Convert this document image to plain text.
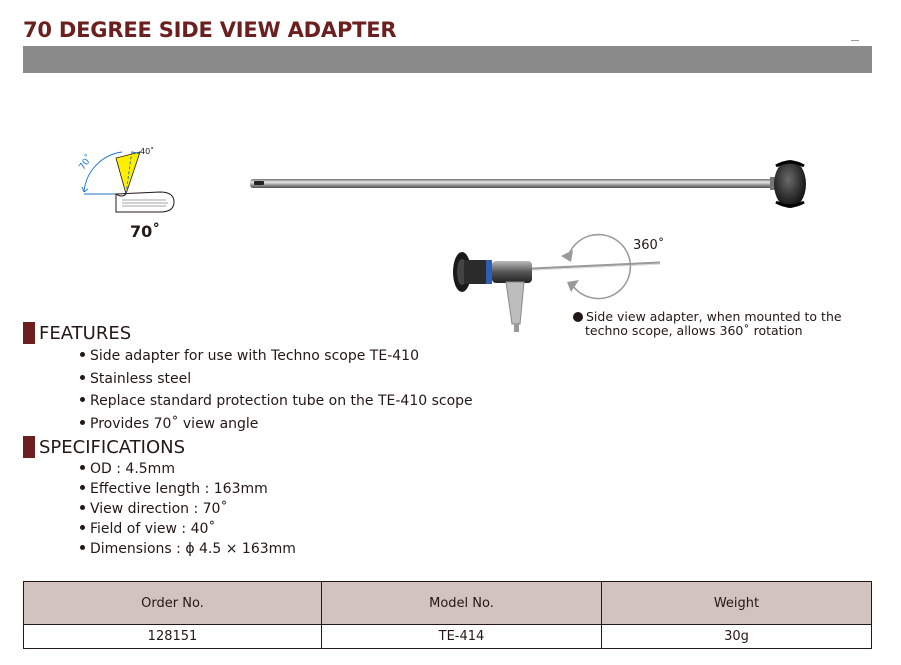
70 DEGREE SIDE VIEW ADAPTER
70˚
40˚
70˚
360˚
Side view adapter, when mounted to the
techno scope, allows 360˚ rotation
FEATURES
Side adapter for use with Techno scope TE-410
Stainless steel
Replace standard protection tube on the TE-410 scope
Provides 70˚ view angle
SPECIFICATIONS
OD : 4.5mm
Effective length : 163mm
View direction : 70˚
Field of view : 40˚
Dimensions : ϕ 4.5 × 163mm
Order No.	Model No.	Weight
128151	TE-414	30g
